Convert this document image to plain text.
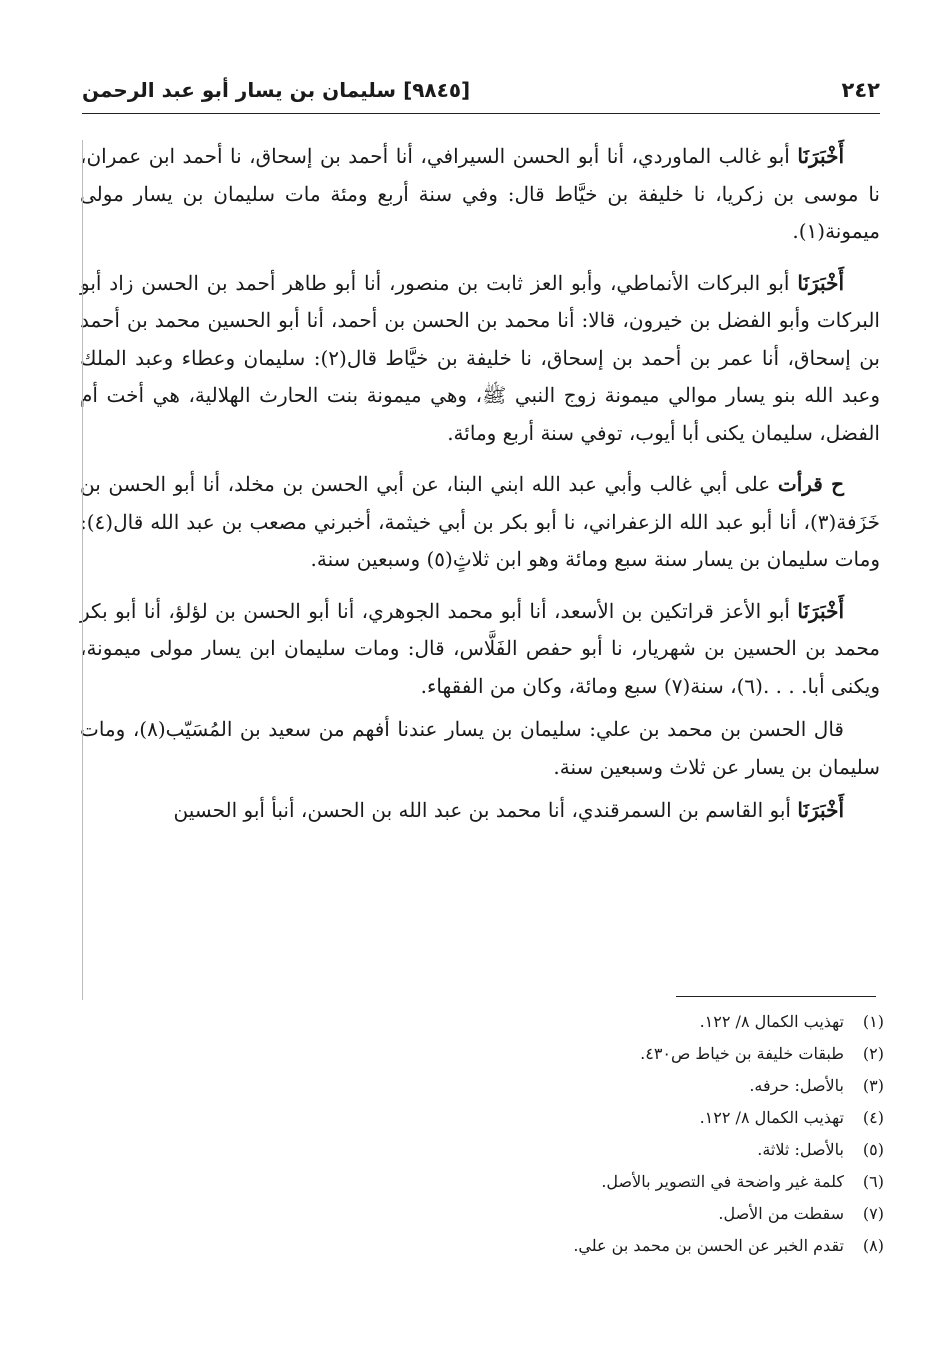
٢٤٢
[٩٨٤٥] سليمان بن يسار أبو عبد الرحمن

أَخْبَرَنَا أبو غالب الماوردي، أنا أبو الحسن السيرافي، أنا أحمد بن إسحاق، نا أحمد ابن عمران، نا موسى بن زكريا، نا خليفة بن خيَّاط قال: وفي سنة أربع ومئة مات سليمان بن يسار مولى ميمونة(١).

أَخْبَرَنَا أبو البركات الأنماطي، وأبو العز ثابت بن منصور، أنا أبو طاهر أحمد بن الحسن زاد أبو البركات وأبو الفضل بن خيرون، قالا: أنا محمد بن الحسن بن أحمد، أنا أبو الحسين محمد بن أحمد بن إسحاق، أنا عمر بن أحمد بن إسحاق، نا خليفة بن خيَّاط قال(٢): سليمان وعطاء وعبد الملك وعبد الله بنو يسار موالي ميمونة زوج النبي ﷺ، وهي ميمونة بنت الحارث الهلالية، هي أخت أم الفضل، سليمان يكنى أبا أيوب، توفي سنة أربع ومائة.

ح قرأت على أبي غالب وأبي عبد الله ابني البنا، عن أبي الحسن بن مخلد، أنا أبو الحسن بن خَزَفة(٣)، أنا أبو عبد الله الزعفراني، نا أبو بكر بن أبي خيثمة، أخبرني مصعب بن عبد الله قال(٤): ومات سليمان بن يسار سنة سبع ومائة وهو ابن ثلاثٍ(٥) وسبعين سنة.

أَخْبَرَنَا أبو الأعز قراتكين بن الأسعد، أنا أبو محمد الجوهري، أنا أبو الحسن بن لؤلؤ، أنا أبو بكر محمد بن الحسين بن شهريار، نا أبو حفص الفَلَّاس، قال: ومات سليمان ابن يسار مولى ميمونة، ويكنى أبا. . . .(٦)، سنة(٧) سبع ومائة، وكان من الفقهاء.

قال الحسن بن محمد بن علي: سليمان بن يسار عندنا أفهم من سعيد بن المُسَيّب(٨)، ومات سليمان بن يسار عن ثلاث وسبعين سنة.

أَخْبَرَنَا أبو القاسم بن السمرقندي، أنا محمد بن عبد الله بن الحسن، أنبأ أبو الحسين

(١)
تهذيب الكمال ٨/ ١٢٢.
(٢)
طبقات خليفة بن خياط ص٤٣٠.
(٣)
بالأصل: حرفه.
(٤)
تهذيب الكمال ٨/ ١٢٢.
(٥)
بالأصل: ثلاثة.
(٦)
كلمة غير واضحة في التصوير بالأصل.
(٧)
سقطت من الأصل.
(٨)
تقدم الخبر عن الحسن بن محمد بن علي.
